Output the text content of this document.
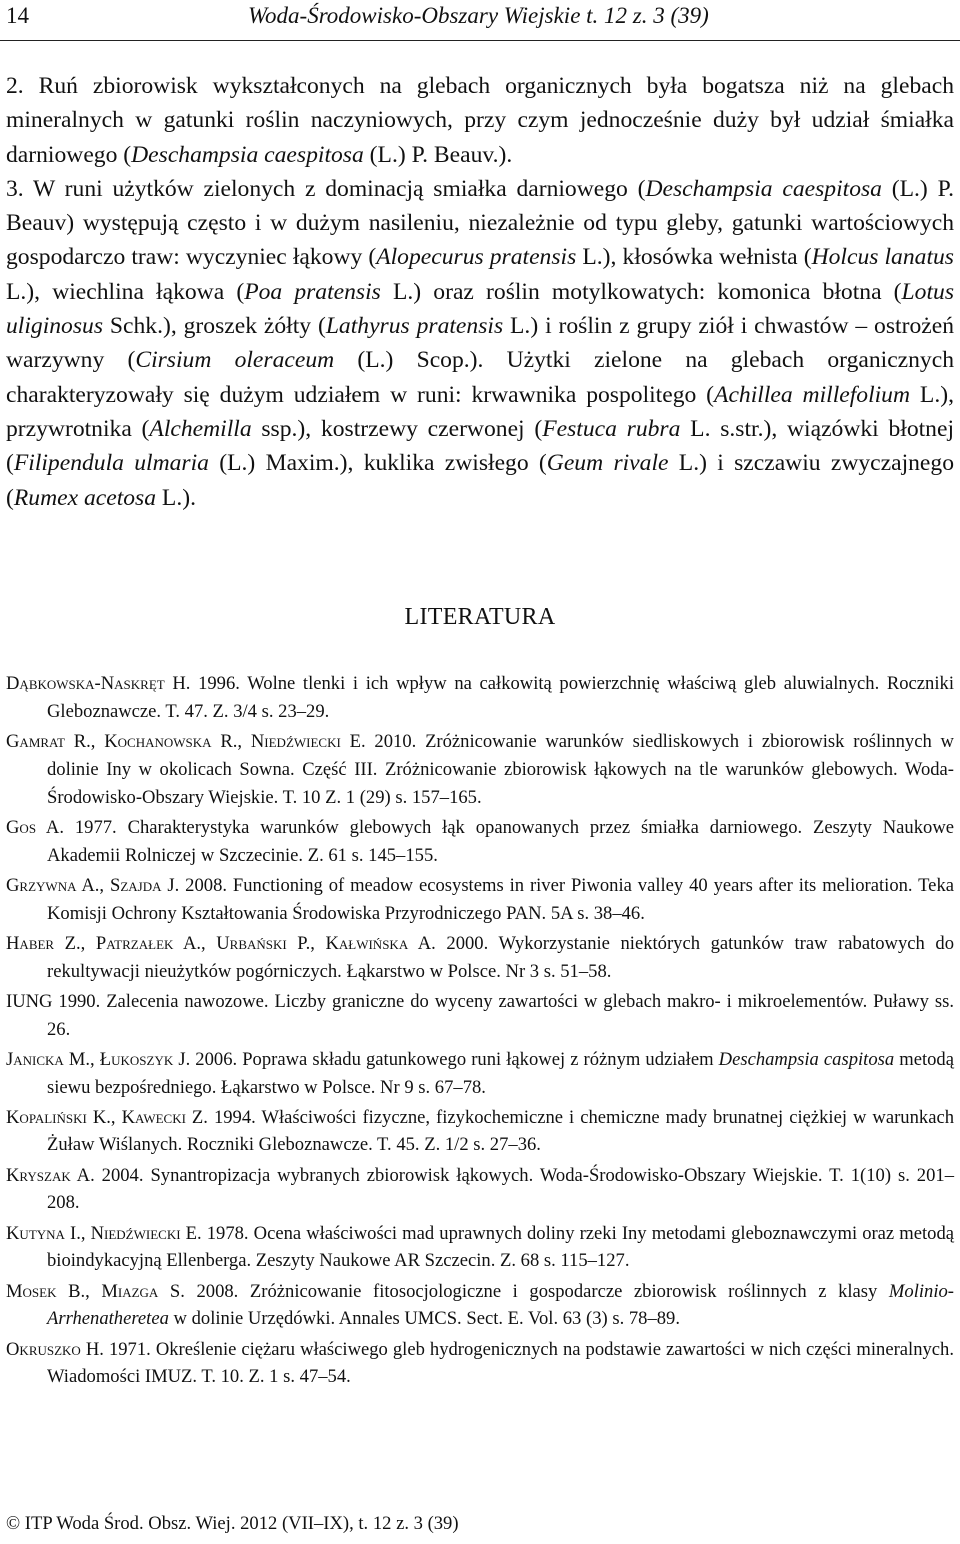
14	Woda-Środowisko-Obszary Wiejskie t. 12 z. 3 (39)

2. Ruń zbiorowisk wykształconych na glebach organicznych była bogatsza niż na glebach mineralnych w gatunki roślin naczyniowych, przy czym jednocześnie duży był udział śmiałka darniowego (Deschampsia caespitosa (L.) P. Beauv.).

3. W runi użytków zielonych z dominacją smiałka darniowego (Deschampsia caespitosa (L.) P. Beauv) występują często i w dużym nasileniu, niezależnie od typu gleby, gatunki wartościowych gospodarczo traw: wyczyniec łąkowy (Alopecurus pratensis L.), kłosówka wełnista (Holcus lanatus L.), wiechlina łąkowa (Poa pratensis L.) oraz roślin motylkowatych: komonica błotna (Lotus uliginosus Schk.), groszek żółty (Lathyrus pratensis L.) i roślin z grupy ziół i chwastów – ostrożeń warzywny (Cirsium oleraceum (L.) Scop.). Użytki zielone na glebach organicznych charakteryzowały się dużym udziałem w runi: krwawnika pospolitego (Achillea millefolium L.), przywrotnika (Alchemilla ssp.), kostrzewy czerwonej (Festuca rubra L. s.str.), wiązówki błotnej (Filipendula ulmaria (L.) Maxim.), kuklika zwisłego (Geum rivale L.) i szczawiu zwyczajnego (Rumex acetosa L.).

LITERATURA

Dąbkowska-Naskręt H. 1996. Wolne tlenki i ich wpływ na całkowitą powierzchnię właściwą gleb aluwialnych. Roczniki Gleboznawcze. T. 47. Z. 3/4 s. 23–29.

Gamrat R., Kochanowska R., Niedźwiecki E. 2010. Zróżnicowanie warunków siedliskowych i zbiorowisk roślinnych w dolinie Iny w okolicach Sowna. Część III. Zróżnicowanie zbiorowisk łąkowych na tle warunków glebowych. Woda-Środowisko-Obszary Wiejskie. T. 10 Z. 1 (29) s. 157–165.

Gos A. 1977. Charakterystyka warunków glebowych łąk opanowanych przez śmiałka darniowego. Zeszyty Naukowe Akademii Rolniczej w Szczecinie. Z. 61 s. 145–155.

Grzywna A., Szajda J. 2008. Functioning of meadow ecosystems in river Piwonia valley 40 years after its melioration. Teka Komisji Ochrony Kształtowania Środowiska Przyrodniczego PAN. 5A s. 38–46.

Haber Z., Patrzałek A., Urbański P., Kałwińska A. 2000. Wykorzystanie niektórych gatunków traw rabatowych do rekultywacji nieużytków pogórniczych. Łąkarstwo w Polsce. Nr 3 s. 51–58.

IUNG 1990. Zalecenia nawozowe. Liczby graniczne do wyceny zawartości w glebach makro- i mikroelementów. Puławy ss. 26.

Janicka M., Łukoszyk J. 2006. Poprawa składu gatunkowego runi łąkowej z różnym udziałem Deschampsia caspitosa metodą siewu bezpośredniego. Łąkarstwo w Polsce. Nr 9 s. 67–78.

Kopaliński K., Kawecki Z. 1994. Właściwości fizyczne, fizykochemiczne i chemiczne mady brunatnej ciężkiej w warunkach Żuław Wiślanych. Roczniki Gleboznawcze. T. 45. Z. 1/2 s. 27–36.

Kryszak A. 2004. Synantropizacja wybranych zbiorowisk łąkowych. Woda-Środowisko-Obszary Wiejskie. T. 1(10) s. 201–208.

Kutyna I., Niedźwiecki E. 1978. Ocena właściwości mad uprawnych doliny rzeki Iny metodami gleboznawczymi oraz metodą bioindykacyjną Ellenberga. Zeszyty Naukowe AR Szczecin. Z. 68 s. 115–127.

Mosek B., Miazga S. 2008. Zróżnicowanie fitosocjologiczne i gospodarcze zbiorowisk roślinnych z klasy Molinio-Arrhenatheretea w dolinie Urzędówki. Annales UMCS. Sect. E. Vol. 63 (3) s. 78–89.

Okruszko H. 1971. Określenie ciężaru właściwego gleb hydrogenicznych na podstawie zawartości w nich części mineralnych. Wiadomości IMUZ. T. 10. Z. 1 s. 47–54.

© ITP Woda Środ. Obsz. Wiej. 2012 (VII–IX), t. 12 z. 3 (39)
